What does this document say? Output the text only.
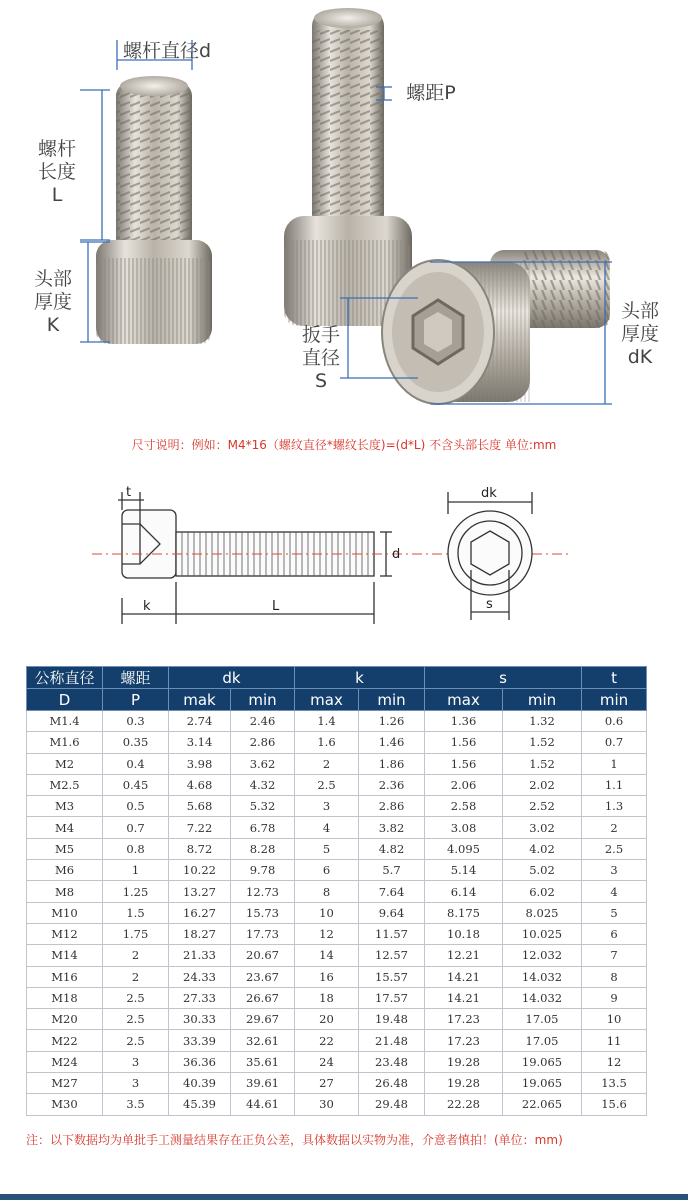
螺杆直径d
螺距P
螺杆
长度
L
头部
厚度
K	扳手
直径
S
头部
厚度
dK
尺寸说明：例如：M4*16（螺纹直径*螺纹长度)=(d*L) 不含头部长度 单位:mm
t
d
k	L
dk
s
公称直径	螺距	dk		k		s		t
D	P	mak	min	max	min	max	min	min
M1.4	0.3	2.74	2.46	1.4	1.26	1.36	1.32	0.6
M1.6	0.35	3.14	2.86	1.6	1.46	1.56	1.52	0.7
M2	0.4	3.98	3.62	2	1.86	1.56	1.52	1
M2.5	0.45	4.68	4.32	2.5	2.36	2.06	2.02	1.1
M3	0.5	5.68	5.32	3	2.86	2.58	2.52	1.3
M4	0.7	7.22	6.78	4	3.82	3.08	3.02	2
M5	0.8	8.72	8.28	5	4.82	4.095	4.02	2.5
M6	1	10.22	9.78	6	5.7	5.14	5.02	3
M8	1.25	13.27	12.73	8	7.64	6.14	6.02	4
M10	1.5	16.27	15.73	10	9.64	8.175	8.025	5
M12	1.75	18.27	17.73	12	11.57	10.18	10.025	6
M14	2	21.33	20.67	14	12.57	12.21	12.032	7
M16	2	24.33	23.67	16	15.57	14.21	14.032	8
M18	2.5	27.33	26.67	18	17.57	14.21	14.032	9
M20	2.5	30.33	29.67	20	19.48	17.23	17.05	10
M22	2.5	33.39	32.61	22	21.48	17.23	17.05	11
M24	3	36.36	35.61	24	23.48	19.28	19.065	12
M27	3	40.39	39.61	27	26.48	19.28	19.065	13.5
M30	3.5	45.39	44.61	30	29.48	22.28	22.065	15.6
注：以下数据均为单批手工测量结果存在正负公差，具体数据以实物为准，介意者慎拍！(单位：mm)
